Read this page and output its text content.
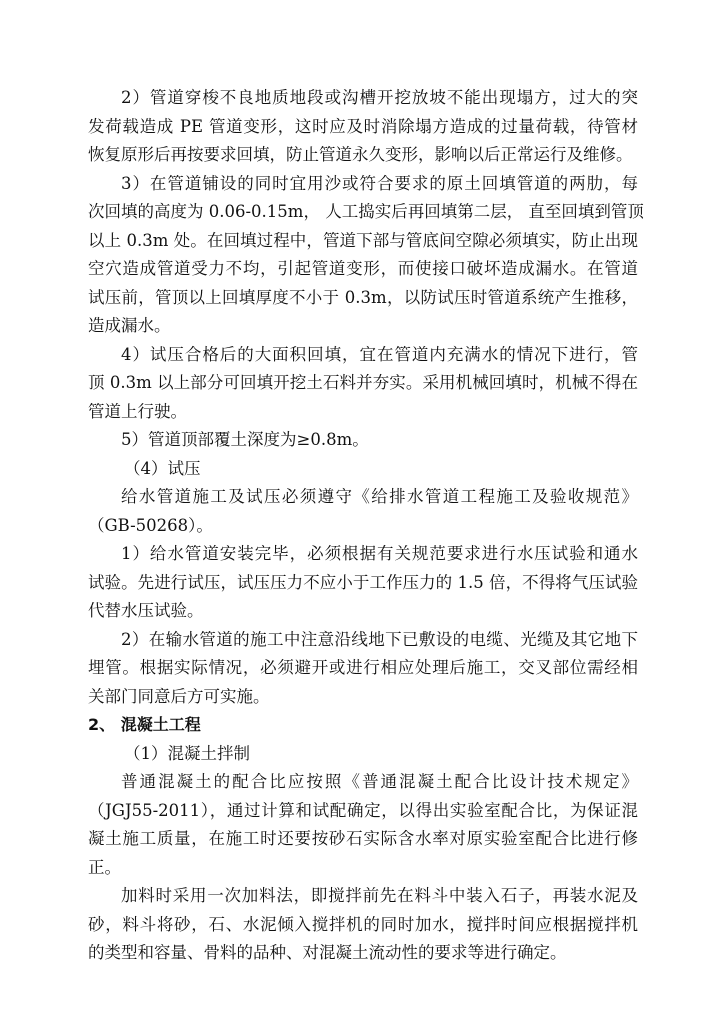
2）管道穿梭不良地质地段或沟槽开挖放坡不能出现塌方，过大的突
发荷载造成 PE 管道变形，这时应及时消除塌方造成的过量荷载，待管材
恢复原形后再按要求回填，防止管道永久变形，影响以后正常运行及维修。
3）在管道铺设的同时宜用沙或符合要求的原土回填管道的两肋，每
次回填的高度为 0.06-0.15m， 人工捣实后再回填第二层， 直至回填到管顶
以上 0.3m 处。在回填过程中，管道下部与管底间空隙必须填实，防止出现
空穴造成管道受力不均，引起管道变形，而使接口破坏造成漏水。在管道
试压前，管顶以上回填厚度不小于 0.3m，以防试压时管道系统产生推移，
造成漏水。
4）试压合格后的大面积回填，宜在管道内充满水的情况下进行，管
顶 0.3m 以上部分可回填开挖土石料并夯实。采用机械回填时，机械不得在
管道上行驶。
5）管道顶部覆土深度为≥0.8m。
（4）试压
给水管道施工及试压必须遵守《给排水管道工程施工及验收规范》
（GB-50268）。
1）给水管道安装完毕，必须根据有关规范要求进行水压试验和通水
试验。先进行试压，试压压力不应小于工作压力的 1.5 倍，不得将气压试验
代替水压试验。
2）在输水管道的施工中注意沿线地下已敷设的电缆、光缆及其它地下
埋管。根据实际情况，必须避开或进行相应处理后施工，交叉部位需经相
关部门同意后方可实施。
2、 混凝土工程
（1）混凝土拌制
普通混凝土的配合比应按照《普通混凝土配合比设计技术规定》
（JGJ55-2011），通过计算和试配确定，以得出实验室配合比，为保证混
凝土施工质量，在施工时还要按砂石实际含水率对原实验室配合比进行修
正。
加料时采用一次加料法，即搅拌前先在料斗中装入石子，再装水泥及
砂，料斗将砂，石、水泥倾入搅拌机的同时加水，搅拌时间应根据搅拌机
的类型和容量、骨料的品种、对混凝土流动性的要求等进行确定。
